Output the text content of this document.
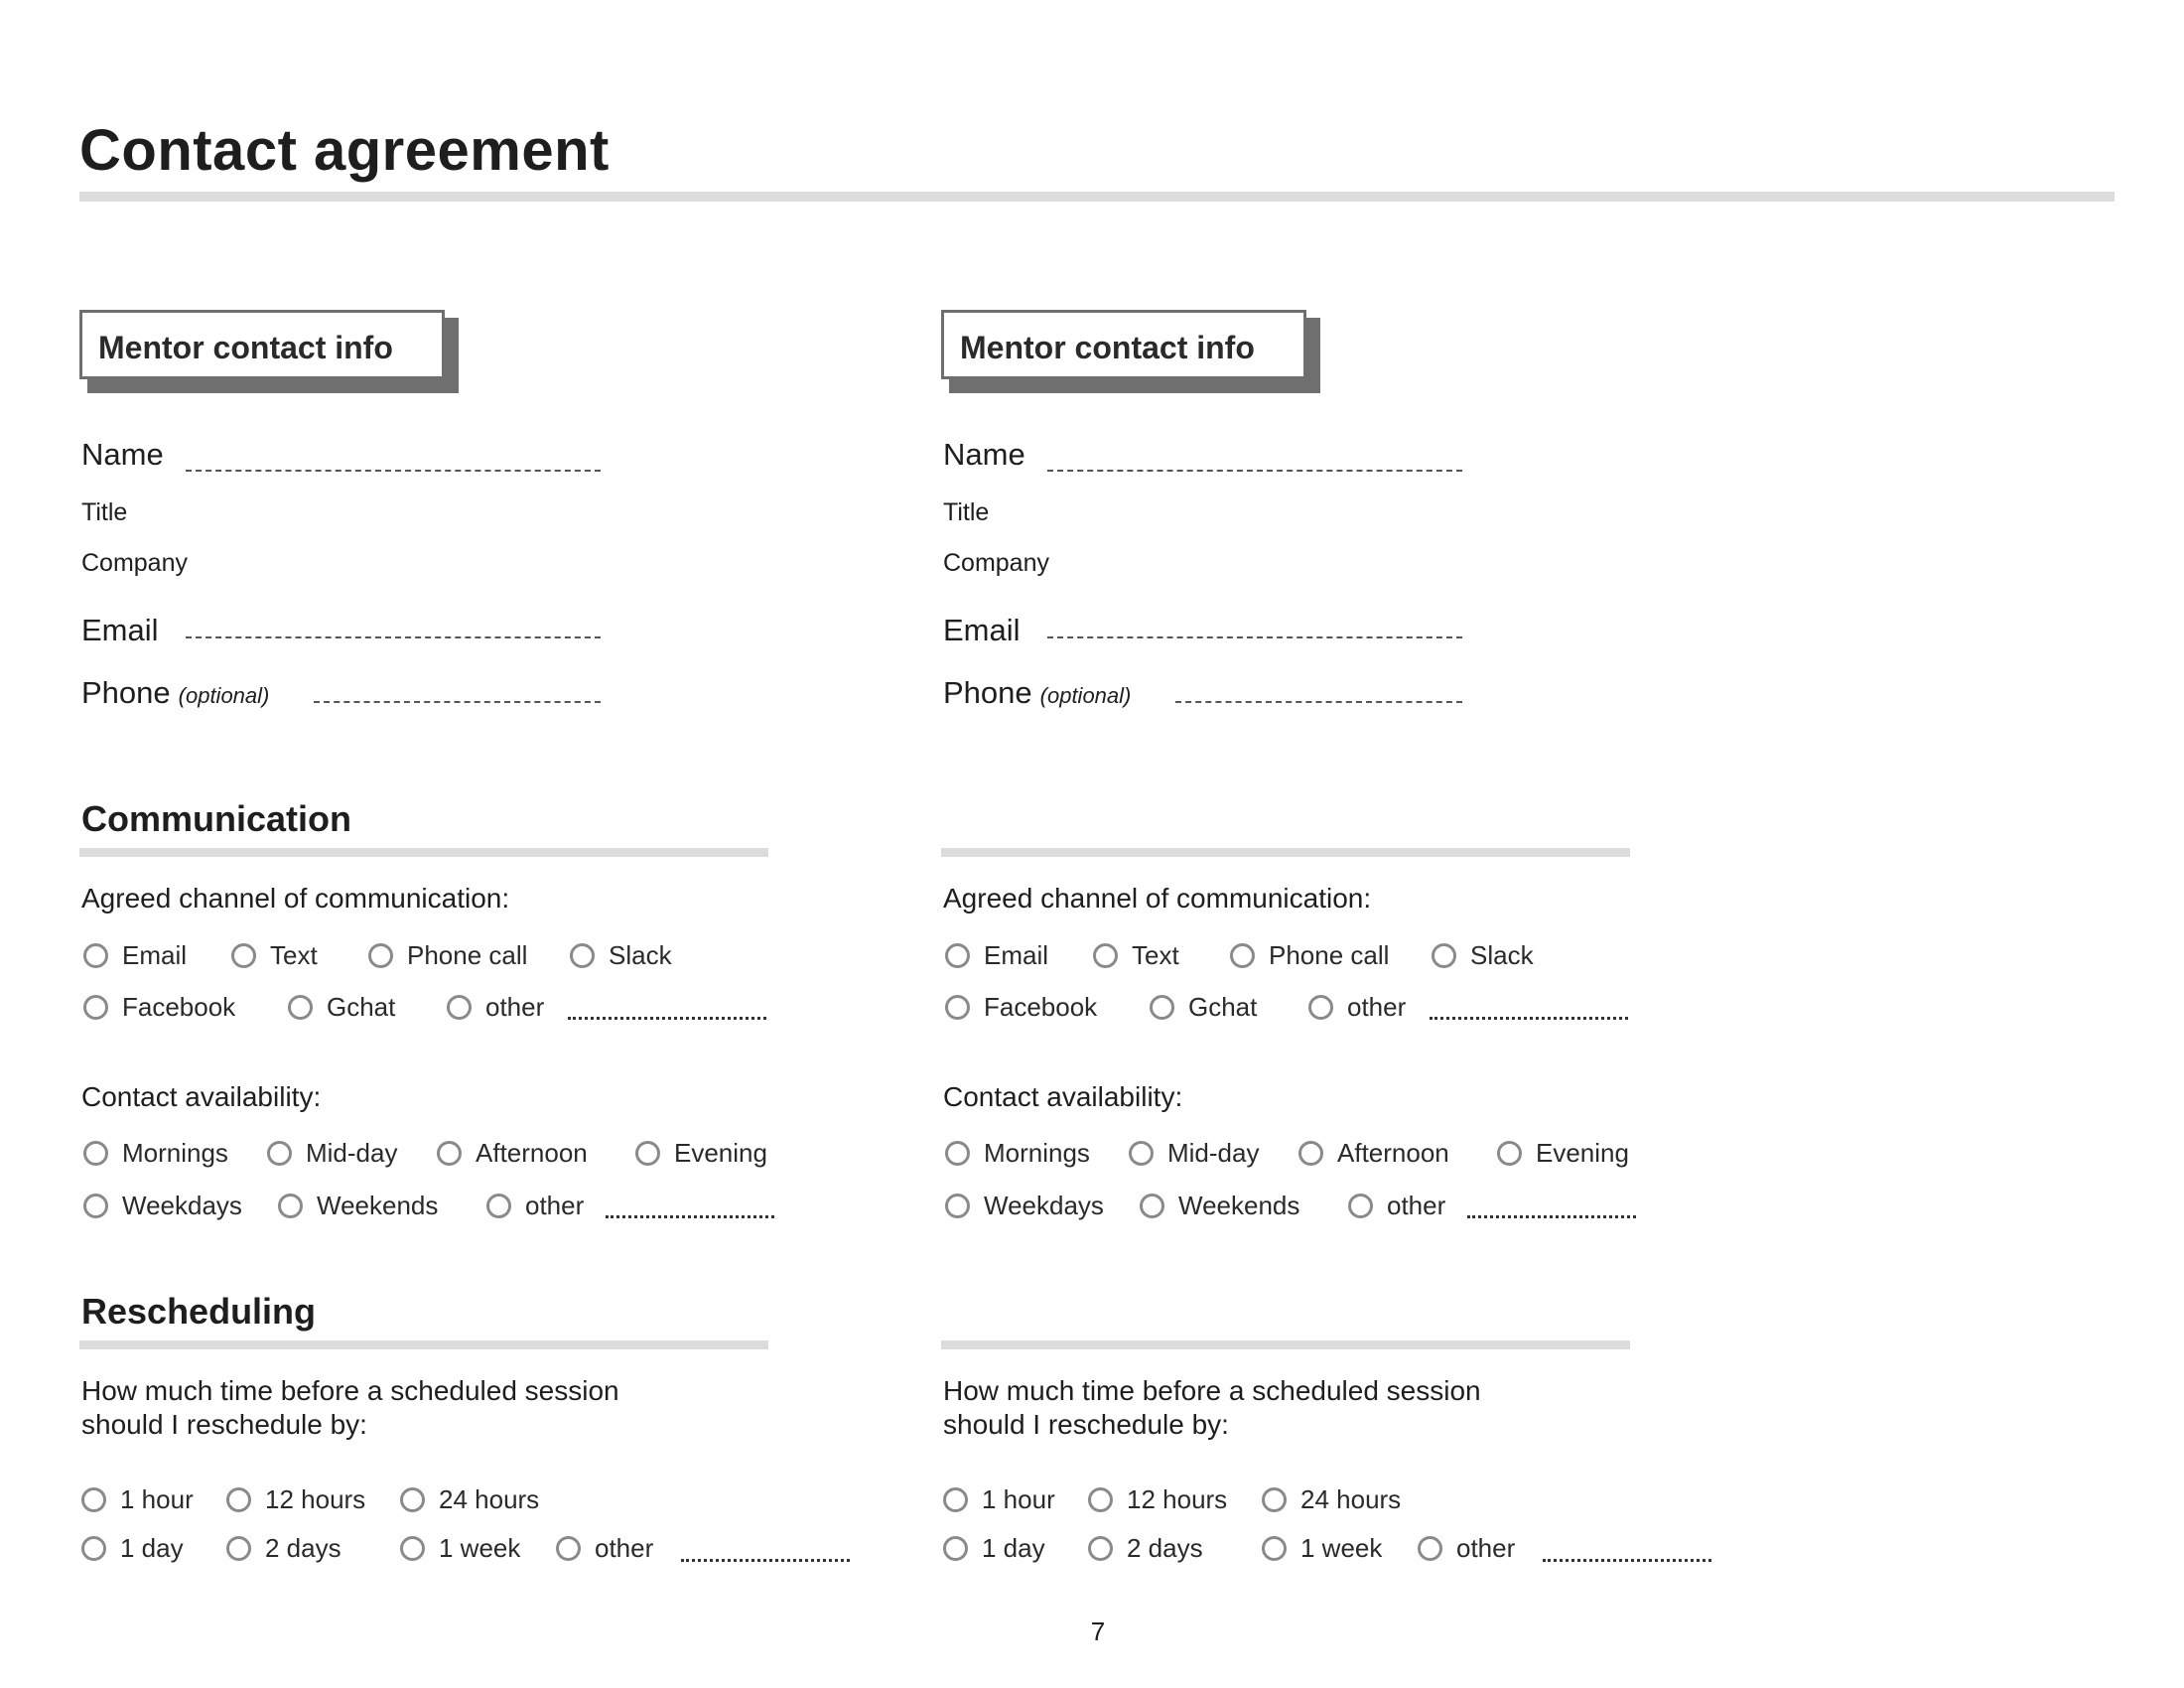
Contact agreement
Mentor contact info
Name
Title
Company
Email
Phone (optional)
Communication
Agreed channel of communication:
Email	Text	Phone call	Slack
Facebook	Gchat	other
Contact availability:
Mornings	Mid-day	Afternoon	Evening
Weekdays	Weekends	other
Rescheduling
How much time before a scheduled session
should I reschedule by:
1 hour	12 hours	24 hours
1 day	2 days	1 week	other
Mentor contact info
Name
Title
Company
Email
Phone (optional)
Agreed channel of communication:
Email	Text	Phone call	Slack
Facebook	Gchat	other
Contact availability:
Mornings	Mid-day	Afternoon	Evening
Weekdays	Weekends	other
How much time before a scheduled session
should I reschedule by:
1 hour	12 hours	24 hours
1 day	2 days	1 week	other
7
